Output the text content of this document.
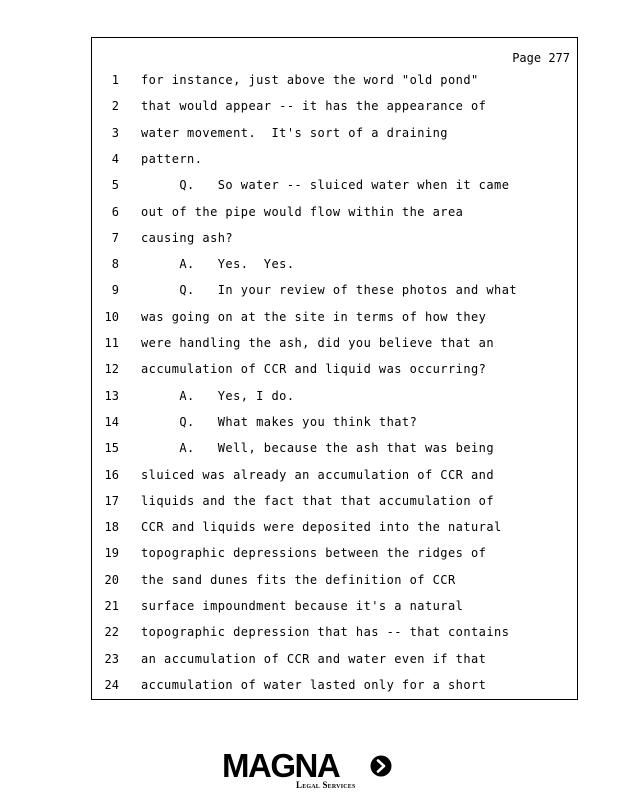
Page 277
1 for instance, just above the word "old pond"
2 that would appear -- it has the appearance of
3 water movement.  It's sort of a draining
4 pattern.
5 Q.   So water -- sluiced water when it came
6 out of the pipe would flow within the area
7 causing ash?
8 A.   Yes.  Yes.
9 Q.   In your review of these photos and what
10 was going on at the site in terms of how they
11 were handling the ash, did you believe that an
12 accumulation of CCR and liquid was occurring?
13 A.   Yes, I do.
14 Q.   What makes you think that?
15 A.   Well, because the ash that was being
16 sluiced was already an accumulation of CCR and
17 liquids and the fact that that accumulation of
18 CCR and liquids were deposited into the natural
19 topographic depressions between the ridges of
20 the sand dunes fits the definition of CCR
21 surface impoundment because it's a natural
22 topographic depression that has -- that contains
23 an accumulation of CCR and water even if that
24 accumulation of water lasted only for a short
MAGNA
Legal Services
